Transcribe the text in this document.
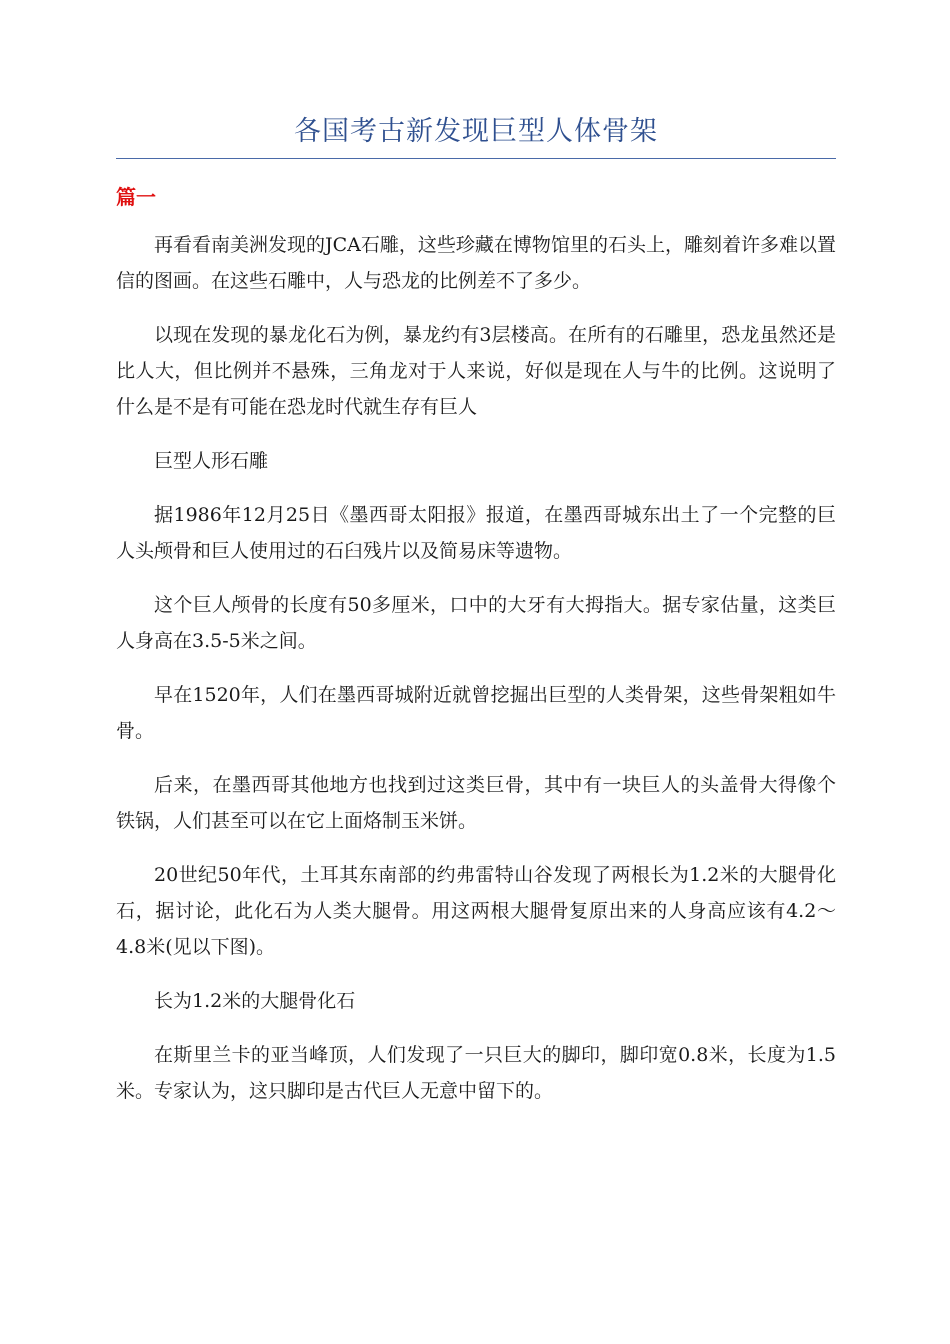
各国考古新发现巨型人体骨架
篇一

再看看南美洲发现的JCA石雕，这些珍藏在博物馆里的石头上，雕刻着许多难以置信的图画。在这些石雕中，人与恐龙的比例差不了多少。

以现在发现的暴龙化石为例，暴龙约有3层楼高。在所有的石雕里，恐龙虽然还是比人大，但比例并不悬殊，三角龙对于人来说，好似是现在人与牛的比例。这说明了什么是不是有可能在恐龙时代就生存有巨人

巨型人形石雕

据1986年12月25日《墨西哥太阳报》报道，在墨西哥城东出土了一个完整的巨人头颅骨和巨人使用过的石臼残片以及简易床等遗物。

这个巨人颅骨的长度有50多厘米，口中的大牙有大拇指大。据专家估量，这类巨人身高在3.5-5米之间。

早在1520年，人们在墨西哥城附近就曾挖掘出巨型的人类骨架，这些骨架粗如牛骨。

后来，在墨西哥其他地方也找到过这类巨骨，其中有一块巨人的头盖骨大得像个铁锅，人们甚至可以在它上面烙制玉米饼。

20世纪50年代，土耳其东南部的约弗雷特山谷发现了两根长为1.2米的大腿骨化石，据讨论，此化石为人类大腿骨。用这两根大腿骨复原出来的人身高应该有4.2～4.8米(见以下图)。

长为1.2米的大腿骨化石

在斯里兰卡的亚当峰顶，人们发现了一只巨大的脚印，脚印宽0.8米，长度为1.5米。专家认为，这只脚印是古代巨人无意中留下的。
